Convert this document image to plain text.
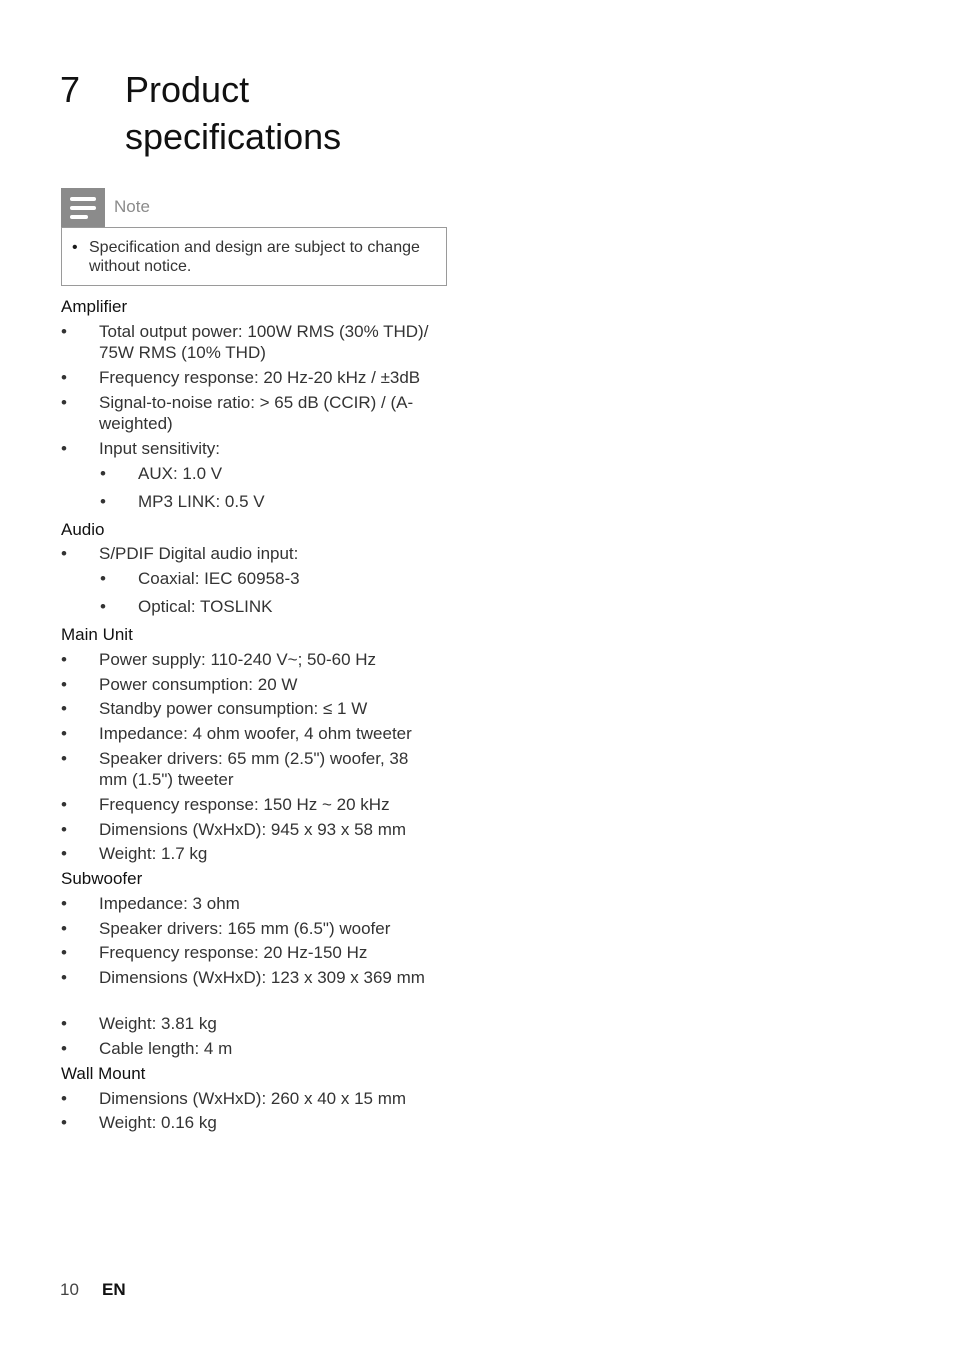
7 Product specifications
Note
• Specification and design are subject to change without notice.
Amplifier
• Total output power: 100W RMS (30% THD)/ 75W RMS (10% THD)
• Frequency response: 20 Hz-20 kHz / ±3dB
• Signal-to-noise ratio: > 65 dB (CCIR) / (A-weighted)
• Input sensitivity:
• AUX: 1.0 V
• MP3 LINK: 0.5 V
Audio
• S/PDIF Digital audio input:
• Coaxial: IEC 60958-3
• Optical: TOSLINK
Main Unit
• Power supply: 110-240 V~; 50-60 Hz
• Power consumption: 20 W
• Standby power consumption: ≤ 1 W
• Impedance: 4 ohm woofer, 4 ohm tweeter
• Speaker drivers: 65 mm (2.5") woofer, 38 mm (1.5") tweeter
• Frequency response: 150 Hz ~ 20 kHz
• Dimensions (WxHxD): 945 x 93 x 58 mm
• Weight: 1.7 kg
Subwoofer
• Impedance: 3 ohm
• Speaker drivers: 165 mm (6.5") woofer
• Frequency response: 20 Hz-150 Hz
• Dimensions (WxHxD): 123 x 309 x 369 mm
• Weight: 3.81 kg
• Cable length: 4 m
Wall Mount
• Dimensions (WxHxD): 260 x 40 x 15 mm
• Weight: 0.16 kg
10 EN
